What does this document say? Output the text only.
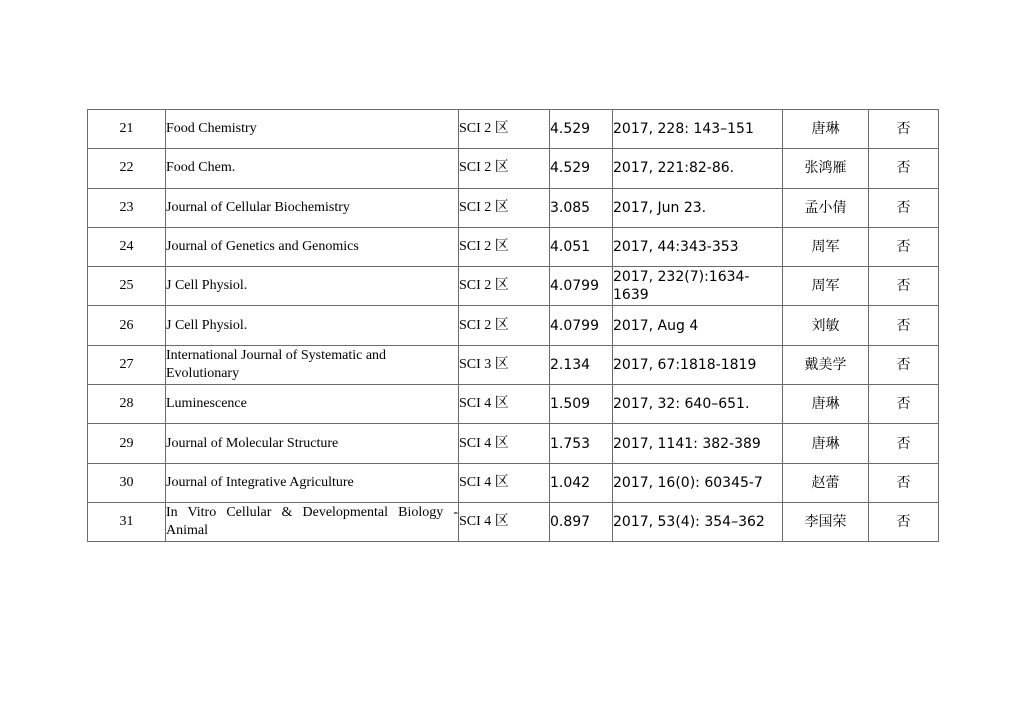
21	Food Chemistry	SCI 2 区	4.529	2017, 228: 143–151	唐琳	否
22	Food Chem.	SCI 2 区	4.529	2017, 221:82-86.	张鸿雁	否
23	Journal of Cellular Biochemistry	SCI 2 区	3.085	2017, Jun 23.	孟小倩	否
24	Journal of Genetics and Genomics	SCI 2 区	4.051	2017, 44:343-353	周军	否
25	J Cell Physiol.	SCI 2 区	4.0799	2017, 232(7):1634-1639	周军	否
26	J Cell Physiol.	SCI 2 区	4.0799	2017, Aug 4	刘敏	否
27	International Journal of Systematic and Evolutionary	SCI 3 区	2.134	2017, 67:1818-1819	戴美学	否
28	Luminescence	SCI 4 区	1.509	2017, 32: 640–651.	唐琳	否
29	Journal of Molecular Structure	SCI 4 区	1.753	2017, 1141: 382-389	唐琳	否
30	Journal of Integrative Agriculture	SCI 4 区	1.042	2017, 16(0): 60345-7	赵蕾	否
31	In Vitro Cellular & Developmental Biology - Animal	SCI 4 区	0.897	2017, 53(4): 354–362	李国荣	否
